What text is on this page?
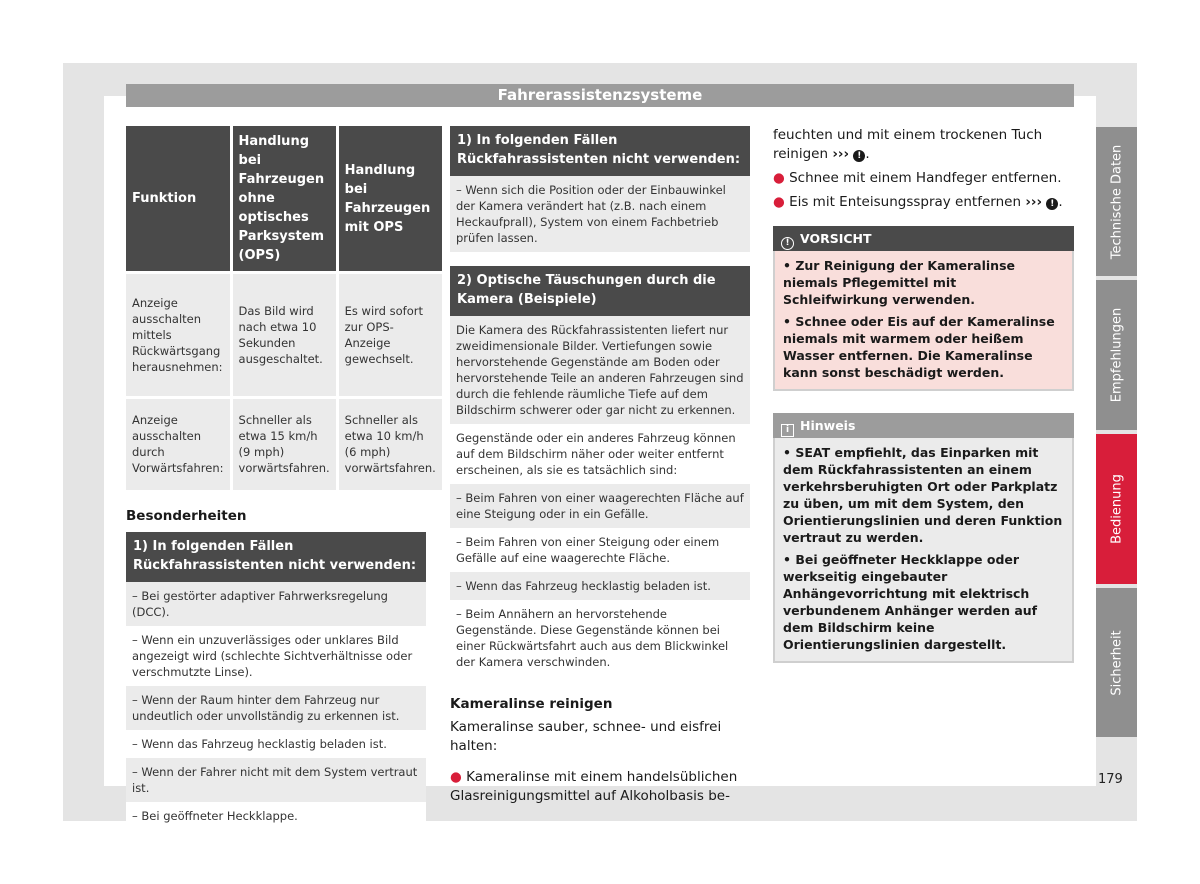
Fahrerassistenzsysteme
Technische Daten
Empfehlungen
Bedienung
Sicherheit
179
Funktion	Handlung bei Fahrzeugen ohne optisches Parksystem (OPS)	Handlung bei Fahrzeugen mit OPS
Anzeige ausschalten mittels Rückwärtsgang herausnehmen:	Das Bild wird nach etwa 10 Sekunden ausgeschaltet.	Es wird sofort zur OPS-Anzeige gewechselt.
Anzeige ausschalten durch Vorwärtsfahren:	Schneller als etwa 15 km/h (9 mph) vorwärtsfahren.	Schneller als etwa 10 km/h (6 mph) vorwärtsfahren.
Besonderheiten
1) In folgenden Fällen Rückfahrassistenten nicht verwenden:
– Bei gestörter adaptiver Fahrwerksregelung (DCC).
– Wenn ein unzuverlässiges oder unklares Bild angezeigt wird (schlechte Sichtverhältnisse oder verschmutzte Linse).
– Wenn der Raum hinter dem Fahrzeug nur undeutlich oder unvollständig zu erkennen ist.
– Wenn das Fahrzeug hecklastig beladen ist.
– Wenn der Fahrer nicht mit dem System vertraut ist.
– Bei geöffneter Heckklappe.
1) In folgenden Fällen Rückfahrassistenten nicht verwenden:
– Wenn sich die Position oder der Einbauwinkel der Kamera verändert hat (z.B. nach einem Heckaufprall), System von einem Fachbetrieb prüfen lassen.
2) Optische Täuschungen durch die Kamera (Beispiele)
Die Kamera des Rückfahrassistenten liefert nur zweidimensionale Bilder. Vertiefungen sowie hervorstehende Gegenstände am Boden oder hervorstehende Teile an anderen Fahrzeugen sind durch die fehlende räumliche Tiefe auf dem Bildschirm schwerer oder gar nicht zu erkennen.
Gegenstände oder ein anderes Fahrzeug können auf dem Bildschirm näher oder weiter entfernt erscheinen, als sie es tatsächlich sind:
– Beim Fahren von einer waagerechten Fläche auf eine Steigung oder in ein Gefälle.
– Beim Fahren von einer Steigung oder einem Gefälle auf eine waagerechte Fläche.
– Wenn das Fahrzeug hecklastig beladen ist.
– Beim Annähern an hervorstehende Gegenstände. Diese Gegenstände können bei einer Rückwärtsfahrt auch aus dem Blickwinkel der Kamera verschwinden.
Kameralinse reinigen
Kameralinse sauber, schnee- und eisfrei halten:
● Kameralinse mit einem handelsüblichen Glasreinigungsmittel auf Alkoholbasis be-
feuchten und mit einem trockenen Tuch reinigen ››› ! .
● Schnee mit einem Handfeger entfernen.
● Eis mit Enteisungsspray entfernen ››› ! .
! VORSICHT
• Zur Reinigung der Kameralinse niemals Pflegemittel mit Schleifwirkung verwenden.
• Schnee oder Eis auf der Kameralinse niemals mit warmem oder heißem Wasser entfernen. Die Kameralinse kann sonst beschädigt werden.
i Hinweis
• SEAT empfiehlt, das Einparken mit dem Rückfahrassistenten an einem verkehrsberuhigten Ort oder Parkplatz zu üben, um mit dem System, den Orientierungslinien und deren Funktion vertraut zu werden.
• Bei geöffneter Heckklappe oder werkseitig eingebauter Anhängevorrichtung mit elektrisch verbundenem Anhänger werden auf dem Bildschirm keine Orientierungslinien dargestellt.
